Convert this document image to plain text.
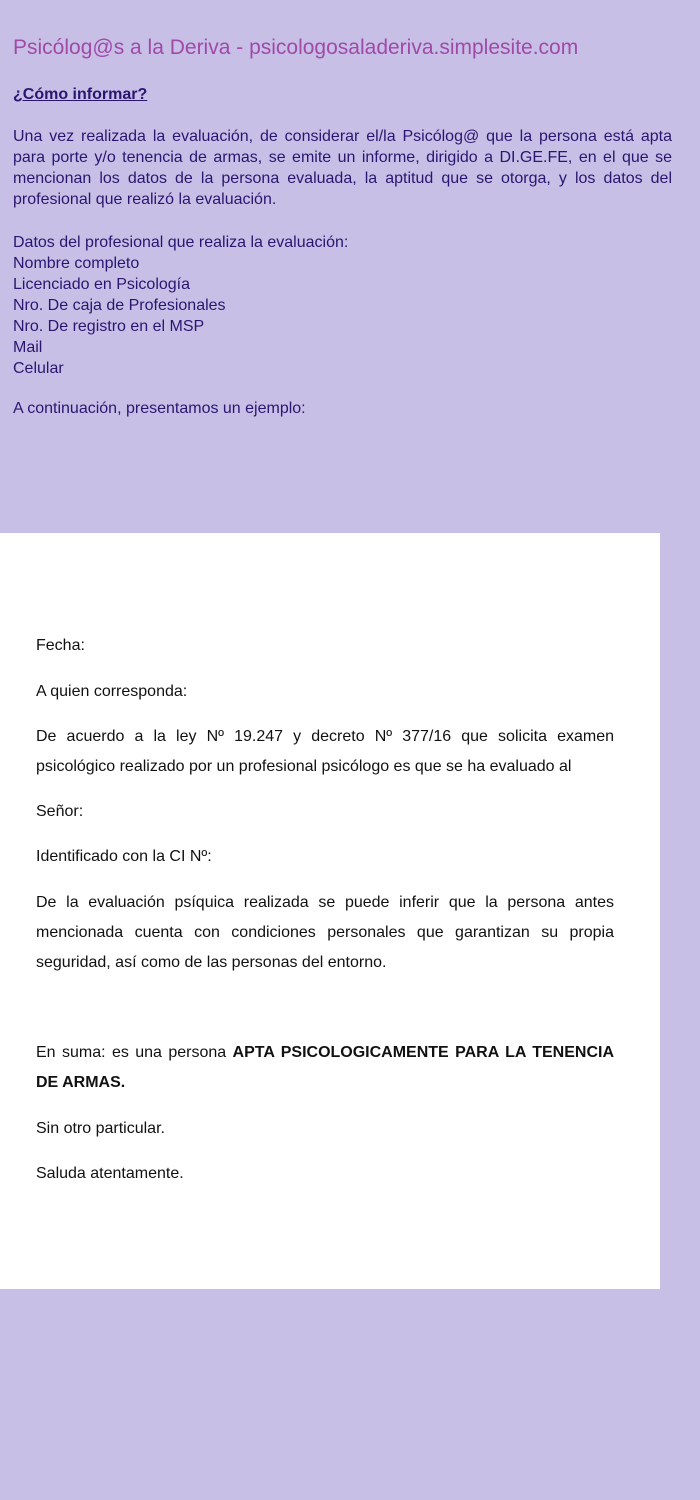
Psicólog@s a la Deriva - psicologosaladeriva.simplesite.com
¿Cómo informar?
Una vez realizada la evaluación, de considerar el/la Psicólog@ que la persona está apta para porte y/o tenencia de armas, se emite un informe, dirigido a DI.GE.FE, en el que se mencionan los datos de la persona evaluada, la aptitud que se otorga, y los datos del profesional que realizó la evaluación.
Datos del profesional que realiza la evaluación:
Nombre completo
Licenciado en Psicología
Nro. De caja de Profesionales
Nro. De registro en el MSP
Mail
Celular
A continuación, presentamos un ejemplo:
Fecha:
A quien corresponda:
De acuerdo a la ley Nº 19.247 y decreto Nº 377/16 que solicita examen psicológico realizado por un profesional psicólogo es que se ha evaluado al
Señor:
Identificado con la CI Nº:
De la evaluación psíquica realizada se puede inferir que la persona antes mencionada cuenta con condiciones personales que garantizan su propia seguridad, así como de las personas del entorno.
En suma: es una persona APTA PSICOLOGICAMENTE PARA LA TENENCIA DE ARMAS.
Sin otro particular.
Saluda atentamente.
